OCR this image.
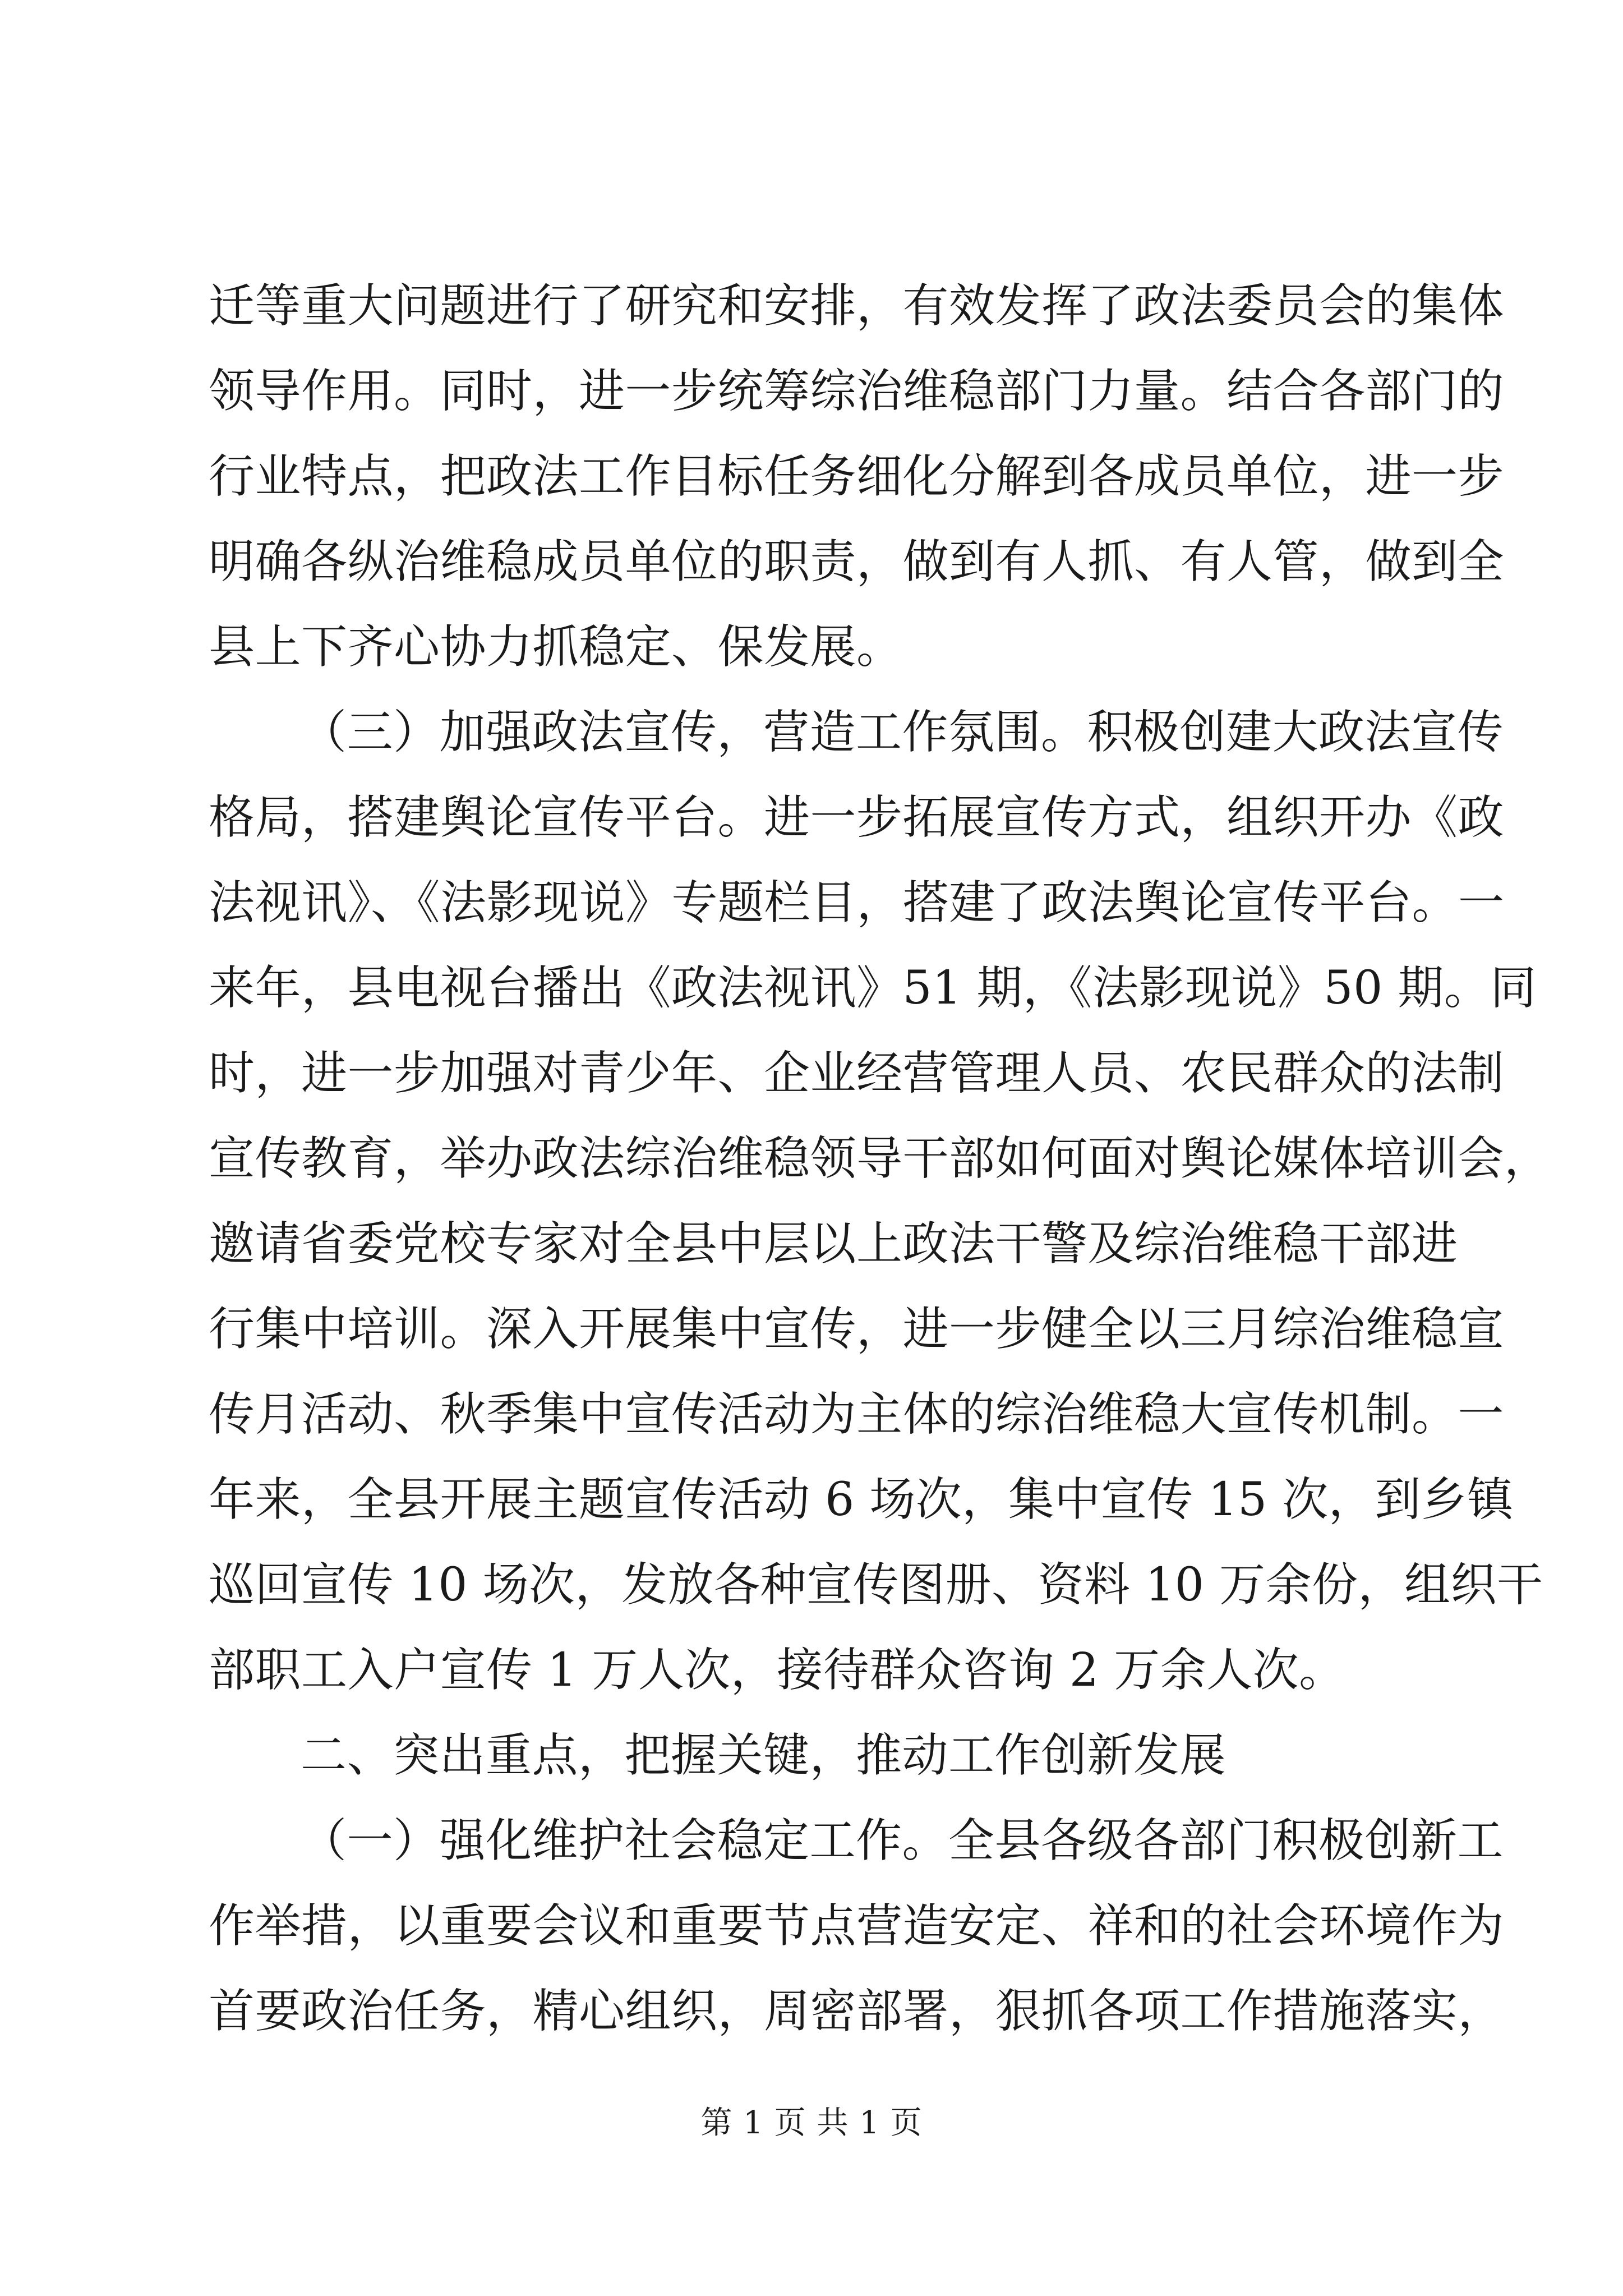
迁等重大问题进行了研究和安排，有效发挥了政法委员会的集体
领导作用。同时，进一步统筹综治维稳部门力量。结合各部门的
行业特点，把政法工作目标任务细化分解到各成员单位，进一步
明确各纵治维稳成员单位的职责，做到有人抓、有人管，做到全
县上下齐心协力抓稳定、保发展。
（三）加强政法宣传，营造工作氛围。积极创建大政法宣传
格局，搭建舆论宣传平台。进一步拓展宣传方式，组织开办《政
法视讯》、《法影现说》专题栏目，搭建了政法舆论宣传平台。一
来年，县电视台播出《政法视讯》51 期，《法影现说》50 期。同
时，进一步加强对青少年、企业经营管理人员、农民群众的法制
宣传教育，举办政法综治维稳领导干部如何面对舆论媒体培训会，
邀请省委党校专家对全县中层以上政法干警及综治维稳干部进
行集中培训。深入开展集中宣传，进一步健全以三月综治维稳宣
传月活动、秋季集中宣传活动为主体的综治维稳大宣传机制。一
年来，全县开展主题宣传活动 6 场次，集中宣传 15 次，到乡镇
巡回宣传 10 场次，发放各种宣传图册、资料 10 万余份，组织干
部职工入户宣传 1 万人次，接待群众咨询 2 万余人次。
二、突出重点，把握关键，推动工作创新发展
（一）强化维护社会稳定工作。全县各级各部门积极创新工
作举措，以重要会议和重要节点营造安定、祥和的社会环境作为
首要政治任务，精心组织，周密部署，狠抓各项工作措施落实，
第 1 页 共 1 页
